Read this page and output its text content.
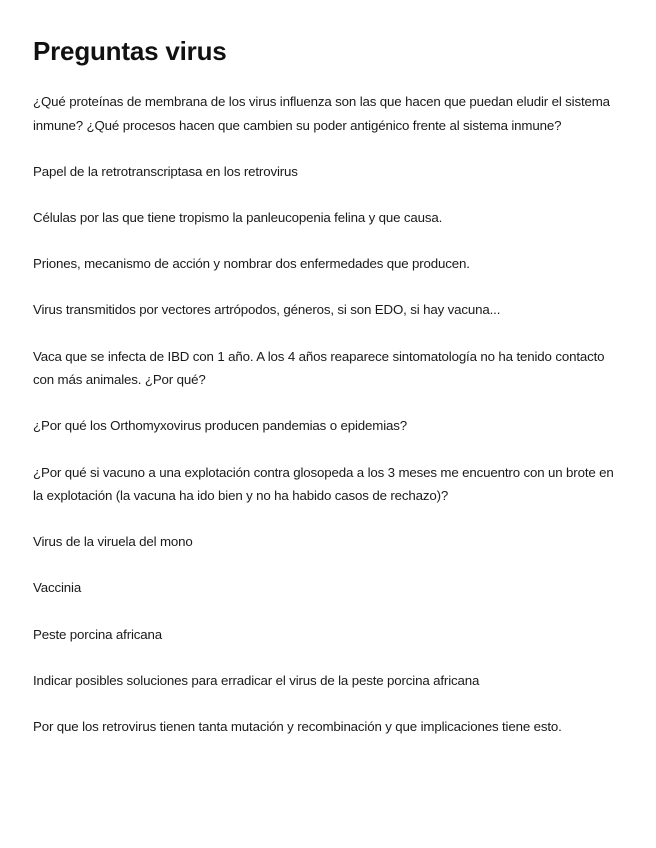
Preguntas virus
¿Qué proteínas de membrana de los virus influenza son las que hacen que puedan eludir el sistema inmune? ¿Qué procesos hacen que cambien su poder antigénico frente al sistema inmune?
Papel de la retrotranscriptasa en los retrovirus
Células por las que tiene tropismo la panleucopenia felina y que causa.
Priones, mecanismo de acción y nombrar dos enfermedades que producen.
Virus transmitidos por vectores artrópodos, géneros, si son EDO, si hay vacuna...
Vaca que se infecta de IBD con 1 año. A los 4 años reaparece sintomatología no ha tenido contacto con más animales. ¿Por qué?
¿Por qué los Orthomyxovirus producen pandemias o epidemias?
¿Por qué si vacuno a una explotación contra glosopeda a los 3 meses me encuentro con un brote en la explotación (la vacuna ha ido bien y no ha habido casos de rechazo)?
Virus de la viruela del mono
Vaccinia
Peste porcina africana
Indicar posibles soluciones para erradicar el virus de la peste porcina africana
Por que los retrovirus tienen tanta mutación y recombinación y que implicaciones tiene esto.
